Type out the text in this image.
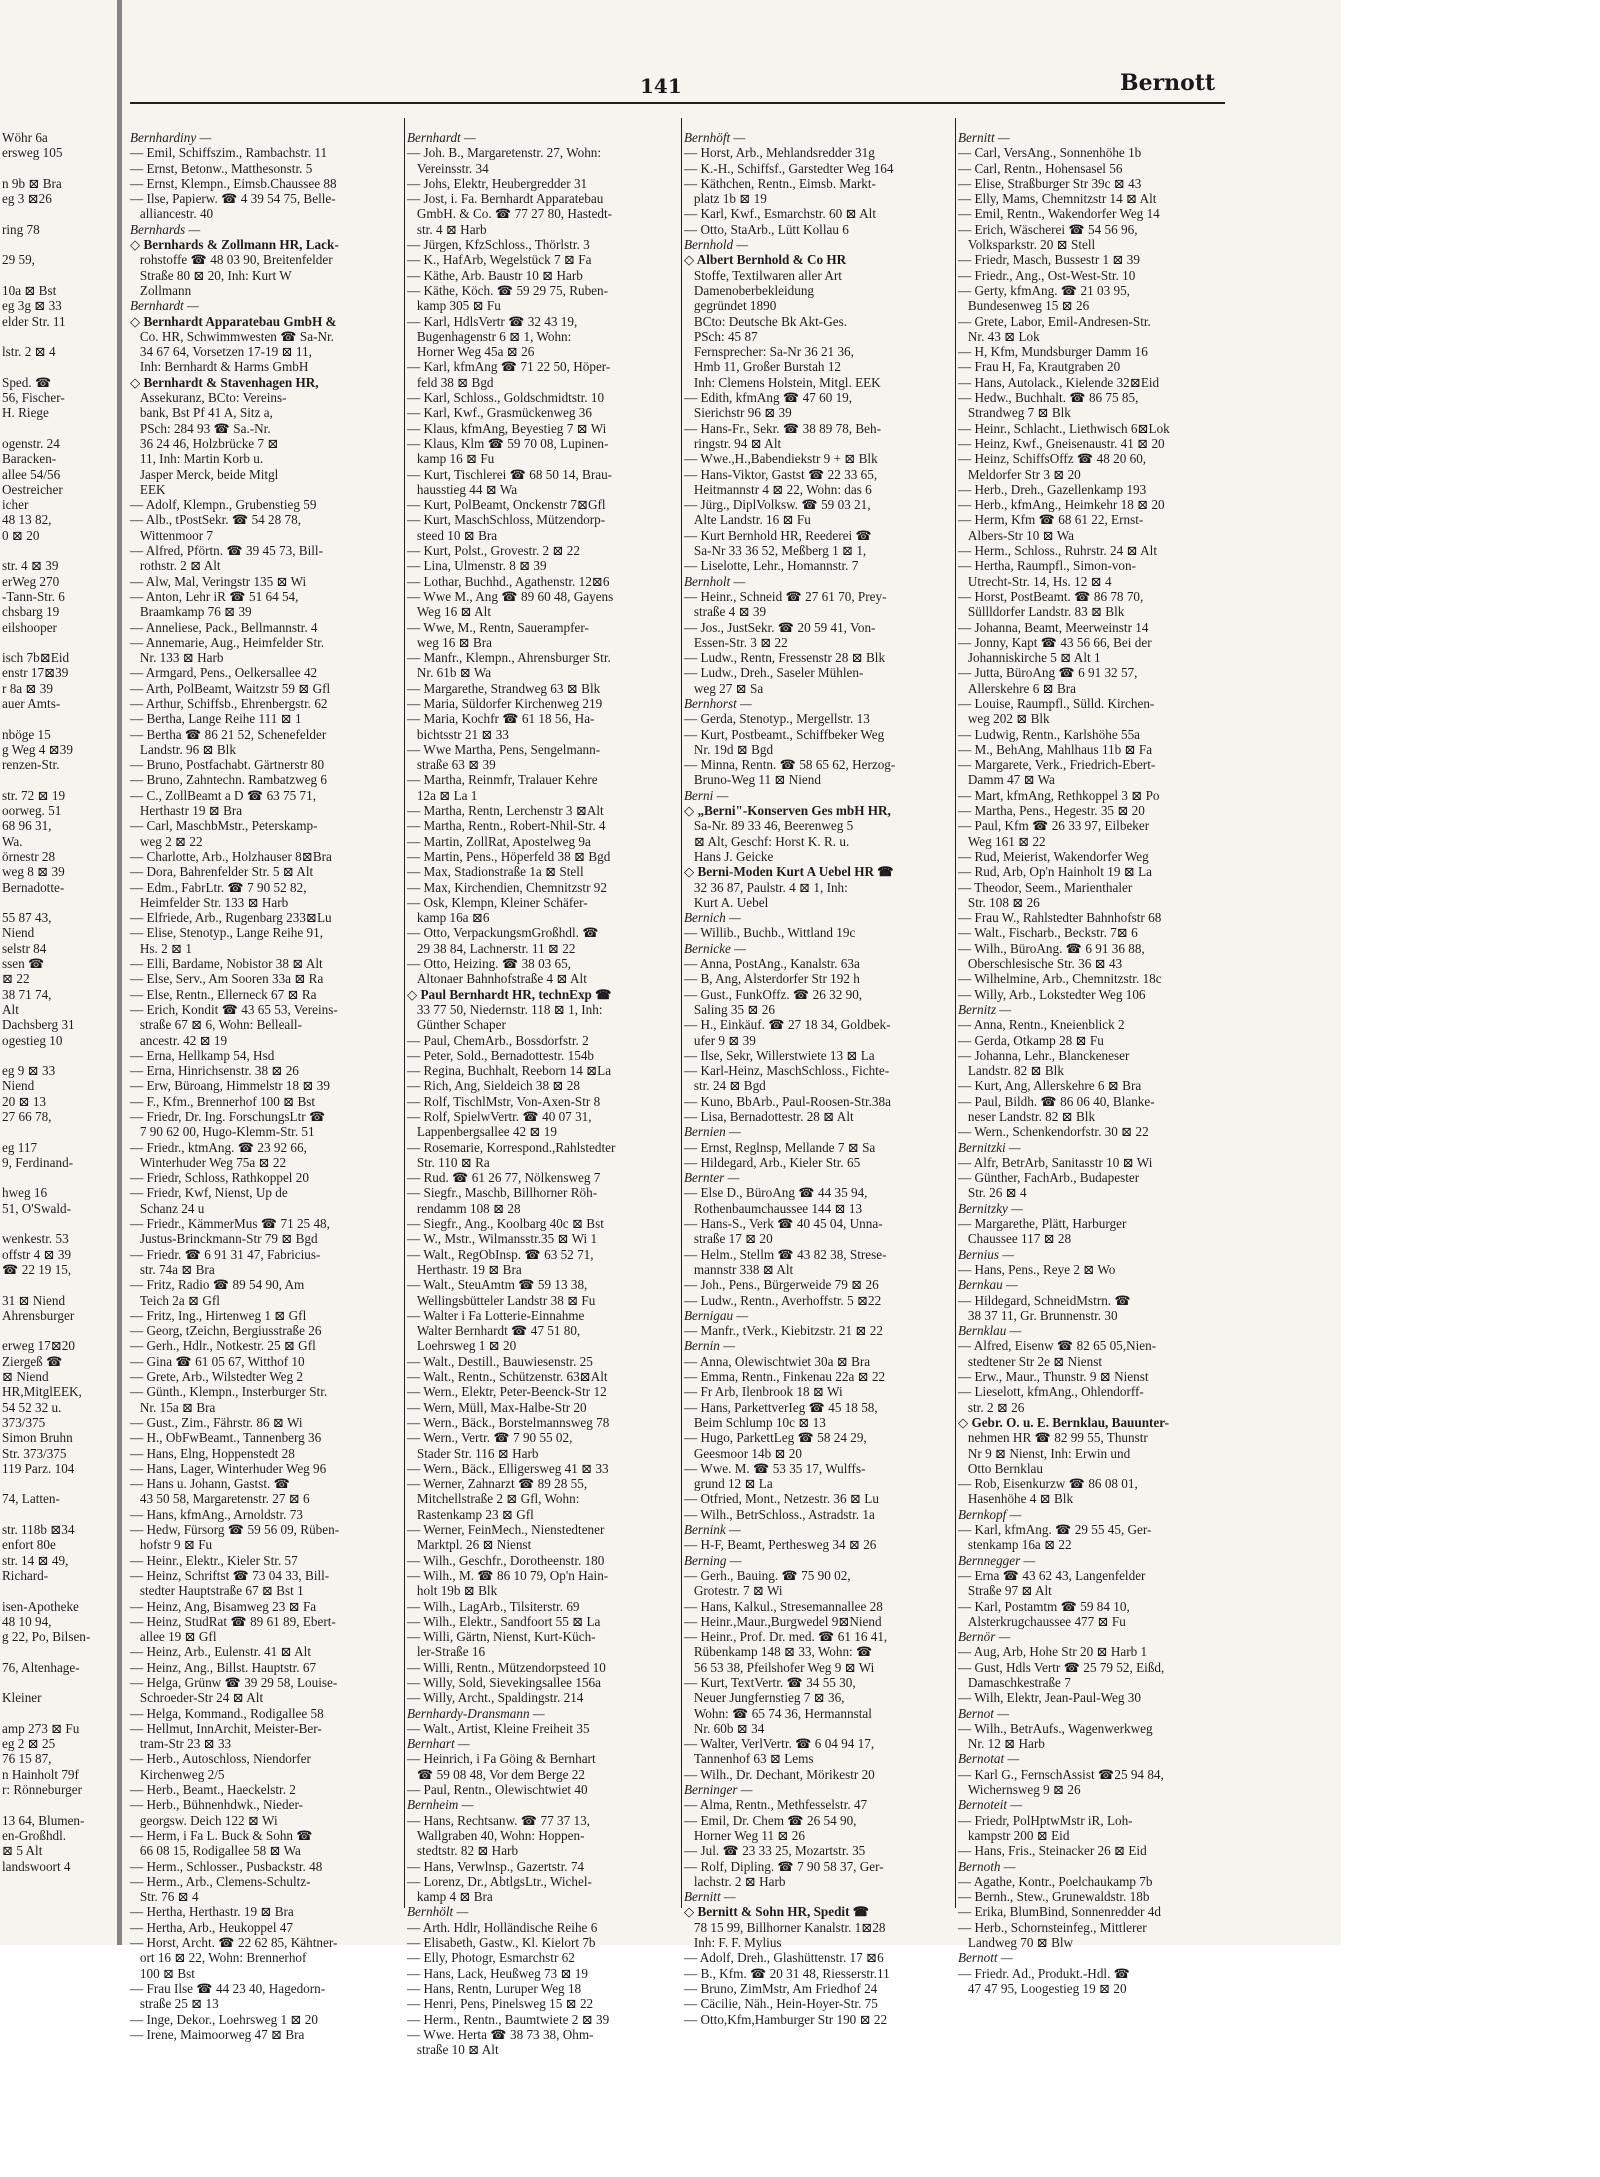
141	Bernott
Wöhr 6a
ersweg 105
n 9b ⊠ Bra
eg 3 ⊠26
ring 78
29 59,
10a ⊠ Bst
eg 3g ⊠ 33
elder Str. 11
lstr. 2 ⊠ 4
Sped. ☎
56, Fischer-
H. Riege
ogenstr. 24
Baracken-
allee 54/56
Oestreicher
icher
48 13 82,
0 ⊠ 20
str. 4 ⊠ 39
erWeg 270
-Tann-Str. 6
chsbarg 19
eilshooper
isch 7b⊠Eid
enstr 17⊠39
r 8a ⊠ 39
auer Amts-
nböge 15
g Weg 4 ⊠39
renzen-Str.
str. 72 ⊠ 19
oorweg. 51
68 96 31,
Wa.
örnestr 28
weg 8 ⊠ 39
Bernadotte-
55 87 43,
Niend
selstr 84
ssen ☎
⊠ 22
38 71 74,
Alt
Dachsberg 31
ogestieg 10
eg 9 ⊠ 33
Niend
20 ⊠ 13
27 66 78,
eg 117
9, Ferdinand-
hweg 16
51, O'Swald-
wenkestr. 53
offstr 4 ⊠ 39
☎ 22 19 15,
31 ⊠ Niend
Ahrensburger
erweg 17⊠20
Ziergeß ☎
⊠ Niend
HR,MitglEEK,
54 52 32 u.
373/375
Simon Bruhn
Str. 373/375
119 Parz. 104
74, Latten-
str. 118b ⊠34
enfort 80e
str. 14 ⊠ 49,
Richard-
isen-Apotheke
48 10 94,
g 22, Po, Bilsen-
76, Altenhage-
Kleiner
amp 273 ⊠ Fu
eg 2 ⊠ 25
76 15 87,
n Hainholt 79f
r: Rönneburger
13 64, Blumen-
en-Großhdl.
⊠ 5 Alt
landswoort 4
Bernhardiny —
— Emil, Schiffszim., Rambachstr. 11
— Ernst, Betonw., Matthesonstr. 5
— Ernst, Klempn., Eimsb.Chaussee 88
— Ilse, Papierw. ☎ 4 39 54 75, Belle-
alliancestr. 40
Bernhards —
◇ Bernhards & Zollmann HR, Lack-
rohstoffe ☎ 48 03 90, Breitenfelder
Straße 80 ⊠ 20, Inh: Kurt W
Zollmann
Bernhardt —
◇ Bernhardt Apparatebau GmbH &
Co. HR, Schwimmwesten ☎ Sa-Nr.
34 67 64, Vorsetzen 17-19 ⊠ 11,
Inh: Bernhardt & Harms GmbH
◇ Bernhardt & Stavenhagen HR,
Assekuranz, BCto: Vereins-
bank, Bst Pf 41 A, Sitz a,
PSch: 284 93 ☎ Sa.-Nr.
36 24 46, Holzbrücke 7 ⊠
11, Inh: Martin Korb u.
Jasper Merck, beide Mitgl
EEK
— Adolf, Klempn., Grubenstieg 59
— Alb., tPostSekr. ☎ 54 28 78,
Wittenmoor 7
— Alfred, Pförtn. ☎ 39 45 73, Bill-
rothstr. 2 ⊠ Alt
— Alw, Mal, Veringstr 135 ⊠ Wi
— Anton, Lehr iR ☎ 51 64 54,
Braamkamp 76 ⊠ 39
— Anneliese, Pack., Bellmannstr. 4
— Annemarie, Aug., Heimfelder Str.
Nr. 133 ⊠ Harb
— Armgard, Pens., Oelkersallee 42
— Arth, PolBeamt, Waitzstr 59 ⊠ Gfl
— Arthur, Schiffsb., Ehrenbergstr. 62
— Bertha, Lange Reihe 111 ⊠ 1
— Bertha ☎ 86 21 52, Schenefelder
Landstr. 96 ⊠ Blk
— Bruno, Postfachabt. Gärtnerstr 80
— Bruno, Zahntechn. Rambatzweg 6
— C., ZollBeamt a D ☎ 63 75 71,
Herthastr 19 ⊠ Bra
— Carl, MaschbMstr., Peterskamp-
weg 2 ⊠ 22
— Charlotte, Arb., Holzhauser 8⊠Bra
— Dora, Bahrenfelder Str. 5 ⊠ Alt
— Edm., FabrLtr. ☎ 7 90 52 82,
Heimfelder Str. 133 ⊠ Harb
— Elfriede, Arb., Rugenbarg 233⊠Lu
— Elise, Stenotyp., Lange Reihe 91,
Hs. 2 ⊠ 1
— Elli, Bardame, Nobistor 38 ⊠ Alt
— Else, Serv., Am Sooren 33a ⊠ Ra
— Else, Rentn., Ellerneck 67 ⊠ Ra
— Erich, Kondit ☎ 43 65 53, Vereins-
straße 67 ⊠ 6, Wohn: Belleall-
ancestr. 42 ⊠ 19
— Erna, Hellkamp 54, Hsd
— Erna, Hinrichsenstr. 38 ⊠ 26
— Erw, Büroang, Himmelstr 18 ⊠ 39
— F., Kfm., Brennerhof 100 ⊠ Bst
— Friedr, Dr. Ing. ForschungsLtr ☎
7 90 62 00, Hugo-Klemm-Str. 51
— Friedr., ktmAng. ☎ 23 92 66,
Winterhuder Weg 75a ⊠ 22
— Friedr, Schloss, Rathkoppel 20
— Friedr, Kwf, Nienst, Up de
Schanz 24 u
— Friedr., KämmerMus ☎ 71 25 48,
Justus-Brinckmann-Str 79 ⊠ Bgd
— Friedr. ☎ 6 91 31 47, Fabricius-
str. 74a ⊠ Bra
— Fritz, Radio ☎ 89 54 90, Am
Teich 2a ⊠ Gfl
— Fritz, Ing., Hirtenweg 1 ⊠ Gfl
— Georg, tZeichn, Bergiusstraße 26
— Gerh., Hdlr., Notkestr. 25 ⊠ Gfl
— Gina ☎ 61 05 67, Witthof 10
— Grete, Arb., Wilstedter Weg 2
— Günth., Klempn., Insterburger Str.
Nr. 15a ⊠ Bra
— Gust., Zim., Fährstr. 86 ⊠ Wi
— H., ObFwBeamt., Tannenberg 36
— Hans, Elng, Hoppenstedt 28
— Hans, Lager, Winterhuder Weg 96
— Hans u. Johann, Gastst. ☎
43 50 58, Margaretenstr. 27 ⊠ 6
— Hans, kfmAng., Arnoldstr. 73
— Hedw, Fürsorg ☎ 59 56 09, Rüben-
hofstr 9 ⊠ Fu
— Heinr., Elektr., Kieler Str. 57
— Heinz, Schriftst ☎ 73 04 33, Bill-
stedter Hauptstraße 67 ⊠ Bst 1
— Heinz, Ang, Bisamweg 23 ⊠ Fa
— Heinz, StudRat ☎ 89 61 89, Ebert-
allee 19 ⊠ Gfl
— Heinz, Arb., Eulenstr. 41 ⊠ Alt
— Heinz, Ang., Billst. Hauptstr. 67
— Helga, Grünw ☎ 39 29 58, Louise-
Schroeder-Str 24 ⊠ Alt
— Helga, Kommand., Rodigallee 58
— Hellmut, InnArchit, Meister-Ber-
tram-Str 23 ⊠ 33
— Herb., Autoschloss, Niendorfer
Kirchenweg 2/5
— Herb., Beamt., Haeckelstr. 2
— Herb., Bühnenhdwk., Nieder-
georgsw. Deich 122 ⊠ Wi
— Herm, i Fa L. Buck & Sohn ☎
66 08 15, Rodigallee 58 ⊠ Wa
— Herm., Schlosser., Pusbackstr. 48
— Herm., Arb., Clemens-Schultz-
Str. 76 ⊠ 4
— Hertha, Herthastr. 19 ⊠ Bra
— Hertha, Arb., Heukoppel 47
— Horst, Archt. ☎ 22 62 85, Kähtner-
ort 16 ⊠ 22, Wohn: Brennerhof
100 ⊠ Bst
— Frau Ilse ☎ 44 23 40, Hagedorn-
straße 25 ⊠ 13
— Inge, Dekor., Loehrsweg 1 ⊠ 20
— Irene, Maimoorweg 47 ⊠ Bra
Bernhardt —
— Joh. B., Margaretenstr. 27, Wohn:
Vereinsstr. 34
— Johs, Elektr, Heubergredder 31
— Jost, i. Fa. Bernhardt Apparatebau
GmbH. & Co. ☎ 77 27 80, Hastedt-
str. 4 ⊠ Harb
— Jürgen, KfzSchloss., Thörlstr. 3
— K., HafArb, Wegelstück 7 ⊠ Fa
— Käthe, Arb. Baustr 10 ⊠ Harb
— Käthe, Köch. ☎ 59 29 75, Ruben-
kamp 305 ⊠ Fu
— Karl, HdlsVertr ☎ 32 43 19,
Bugenhagenstr 6 ⊠ 1, Wohn:
Horner Weg 45a ⊠ 26
— Karl, kfmAng ☎ 71 22 50, Höper-
feld 38 ⊠ Bgd
— Karl, Schloss., Goldschmidtstr. 10
— Karl, Kwf., Grasmückenweg 36
— Klaus, kfmAng, Beyestieg 7 ⊠ Wi
— Klaus, Klm ☎ 59 70 08, Lupinen-
kamp 16 ⊠ Fu
— Kurt, Tischlerei ☎ 68 50 14, Brau-
hausstieg 44 ⊠ Wa
— Kurt, PolBeamt, Onckenstr 7⊠Gfl
— Kurt, MaschSchloss, Mützendorp-
steed 10 ⊠ Bra
— Kurt, Polst., Grovestr. 2 ⊠ 22
— Lina, Ulmenstr. 8 ⊠ 39
— Lothar, Buchhd., Agathenstr. 12⊠6
— Wwe M., Ang ☎ 89 60 48, Gayens
Weg 16 ⊠ Alt
— Wwe, M., Rentn, Sauerampfer-
weg 16 ⊠ Bra
— Manfr., Klempn., Ahrensburger Str.
Nr. 61b ⊠ Wa
— Margarethe, Strandweg 63 ⊠ Blk
— Maria, Süldorfer Kirchenweg 219
— Maria, Kochfr ☎ 61 18 56, Ha-
bichtsstr 21 ⊠ 33
— Wwe Martha, Pens, Sengelmann-
straße 63 ⊠ 39
— Martha, Reinmfr, Tralauer Kehre
12a ⊠ La 1
— Martha, Rentn, Lerchenstr 3 ⊠Alt
— Martha, Rentn., Robert-Nhil-Str. 4
— Martin, ZollRat, Apostelweg 9a
— Martin, Pens., Höperfeld 38 ⊠ Bgd
— Max, Stadionstraße 1a ⊠ Stell
— Max, Kirchendien, Chemnitzstr 92
— Osk, Klempn, Kleiner Schäfer-
kamp 16a ⊠6
— Otto, VerpackungsmGroßhdl. ☎
29 38 84, Lachnerstr. 11 ⊠ 22
— Otto, Heizing. ☎ 38 03 65,
Altonaer Bahnhofstraße 4 ⊠ Alt
◇ Paul Bernhardt HR, technExp ☎
33 77 50, Niedernstr. 118 ⊠ 1, Inh:
Günther Schaper
— Paul, ChemArb., Bossdorfstr. 2
— Peter, Sold., Bernadottestr. 154b
— Regina, Buchhalt, Reeborn 14 ⊠La
— Rich, Ang, Sieldeich 38 ⊠ 28
— Rolf, TischlMstr, Von-Axen-Str 8
— Rolf, SpielwVertr. ☎ 40 07 31,
Lappenbergsallee 42 ⊠ 19
— Rosemarie, Korrespond.,Rahlstedter
Str. 110 ⊠ Ra
— Rud. ☎ 61 26 77, Nölkensweg 7
— Siegfr., Maschb, Billhorner Röh-
rendamm 108 ⊠ 28
— Siegfr., Ang., Koolbarg 40c ⊠ Bst
— W., Mstr., Wilmansstr.35 ⊠ Wi 1
— Walt., RegObInsp. ☎ 63 52 71,
Herthastr. 19 ⊠ Bra
— Walt., SteuAmtm ☎ 59 13 38,
Wellingsbütteler Landstr 38 ⊠ Fu
— Walter i Fa Lotterie-Einnahme
Walter Bernhardt ☎ 47 51 80,
Loehrsweg 1 ⊠ 20
— Walt., Destill., Bauwiesenstr. 25
— Walt., Rentn., Schützenstr. 63⊠Alt
— Wern., Elektr, Peter-Beenck-Str 12
— Wern, Müll, Max-Halbe-Str 20
— Wern., Bäck., Borstelmannsweg 78
— Wern., Vertr. ☎ 7 90 55 02,
Stader Str. 116 ⊠ Harb
— Wern., Bäck., Elligersweg 41 ⊠ 33
— Werner, Zahnarzt ☎ 89 28 55,
Mitchellstraße 2 ⊠ Gfl, Wohn:
Rastenkamp 23 ⊠ Gfl
— Werner, FeinMech., Nienstedtener
Marktpl. 26 ⊠ Nienst
— Wilh., Geschfr., Dorotheenstr. 180
— Wilh., M. ☎ 86 10 79, Op'n Hain-
holt 19b ⊠ Blk
— Wilh., LagArb., Tilsiterstr. 69
— Wilh., Elektr., Sandfoort 55 ⊠ La
— Willi, Gärtn, Nienst, Kurt-Küch-
ler-Straße 16
— Willi, Rentn., Mützendorpsteed 10
— Willy, Sold, Sievekingsallee 156a
— Willy, Archt., Spaldingstr. 214
Bernhardy-Dransmann —
— Walt., Artist, Kleine Freiheit 35
Bernhart —
— Heinrich, i Fa Göing & Bernhart
☎ 59 08 48, Vor dem Berge 22
— Paul, Rentn., Olewischtwiet 40
Bernheim —
— Hans, Rechtsanw. ☎ 77 37 13,
Wallgraben 40, Wohn: Hoppen-
stedtstr. 82 ⊠ Harb
— Hans, Verwlnsp., Gazertstr. 74
— Lorenz, Dr., AbtlgsLtr., Wichel-
kamp 4 ⊠ Bra
Bernhölt —
— Arth. Hdlr, Holländische Reihe 6
— Elisabeth, Gastw., Kl. Kielort 7b
— Elly, Photogr, Esmarchstr 62
— Hans, Lack, Heußweg 73 ⊠ 19
— Hans, Rentn, Luruper Weg 18
— Henri, Pens, Pinelsweg 15 ⊠ 22
— Herm., Rentn., Baumtwiete 2 ⊠ 39
— Wwe. Herta ☎ 38 73 38, Ohm-
straße 10 ⊠ Alt
Bernhöft —
— Horst, Arb., Mehlandsredder 31g
— K.-H., Schiffsf., Garstedter Weg 164
— Käthchen, Rentn., Eimsb. Markt-
platz 1b ⊠ 19
— Karl, Kwf., Esmarchstr. 60 ⊠ Alt
— Otto, StaArb., Lütt Kollau 6
Bernhold —
◇ Albert Bernhold & Co HR
Stoffe, Textilwaren aller Art
Damenoberbekleidung
gegründet 1890
BCto: Deutsche Bk Akt-Ges.
PSch: 45 87
Fernsprecher: Sa-Nr 36 21 36,
Hmb 11, Großer Burstah 12
Inh: Clemens Holstein, Mitgl. EEK
— Edith, kfmAng ☎ 47 60 19,
Sierichstr 96 ⊠ 39
— Hans-Fr., Sekr. ☎ 38 89 78, Beh-
ringstr. 94 ⊠ Alt
— Wwe.,H.,Babendiekstr 9 + ⊠ Blk
— Hans-Viktor, Gastst ☎ 22 33 65,
Heitmannstr 4 ⊠ 22, Wohn: das 6
— Jürg., DiplVolksw. ☎ 59 03 21,
Alte Landstr. 16 ⊠ Fu
— Kurt Bernhold HR, Reederei ☎
Sa-Nr 33 36 52, Meßberg 1 ⊠ 1,
— Liselotte, Lehr., Homannstr. 7
Bernholt —
— Heinr., Schneid ☎ 27 61 70, Prey-
straße 4 ⊠ 39
— Jos., JustSekr. ☎ 20 59 41, Von-
Essen-Str. 3 ⊠ 22
— Ludw., Rentn, Fressenstr 28 ⊠ Blk
— Ludw., Dreh., Saseler Mühlen-
weg 27 ⊠ Sa
Bernhorst —
— Gerda, Stenotyp., Mergellstr. 13
— Kurt, Postbeamt., Schiffbeker Weg
Nr. 19d ⊠ Bgd
— Minna, Rentn. ☎ 58 65 62, Herzog-
Bruno-Weg 11 ⊠ Niend
Berni —
◇ „Berni"-Konserven Ges mbH HR,
Sa-Nr. 89 33 46, Beerenweg 5
⊠ Alt, Geschf: Horst K. R. u.
Hans J. Geicke
◇ Berni-Moden Kurt A Uebel HR ☎
32 36 87, Paulstr. 4 ⊠ 1, Inh:
Kurt A. Uebel
Bernich —
— Willib., Buchb., Wittland 19c
Bernicke —
— Anna, PostAng., Kanalstr. 63a
— B, Ang, Alsterdorfer Str 192 h
— Gust., FunkOffz. ☎ 26 32 90,
Saling 35 ⊠ 26
— H., Einkäuf. ☎ 27 18 34, Goldbek-
ufer 9 ⊠ 39
— Ilse, Sekr, Willerstwiete 13 ⊠ La
— Karl-Heinz, MaschSchloss., Fichte-
str. 24 ⊠ Bgd
— Kuno, BbArb., Paul-Roosen-Str.38a
— Lisa, Bernadottestr. 28 ⊠ Alt
Bernien —
— Ernst, Reglnsp, Mellande 7 ⊠ Sa
— Hildegard, Arb., Kieler Str. 65
Bernter —
— Else D., BüroAng ☎ 44 35 94,
Rothenbaumchaussee 144 ⊠ 13
— Hans-S., Verk ☎ 40 45 04, Unna-
straße 17 ⊠ 20
— Helm., Stellm ☎ 43 82 38, Strese-
mannstr 338 ⊠ Alt
— Joh., Pens., Bürgerweide 79 ⊠ 26
— Ludw., Rentn., Averhoffstr. 5 ⊠22
Bernigau —
— Manfr., tVerk., Kiebitzstr. 21 ⊠ 22
Bernin —
— Anna, Olewischtwiet 30a ⊠ Bra
— Emma, Rentn., Finkenau 22a ⊠ 22
— Fr Arb, Ilenbrook 18 ⊠ Wi
— Hans, ParkettverIeg ☎ 45 18 58,
Beim Schlump 10c ⊠ 13
— Hugo, ParkettLeg ☎ 58 24 29,
Geesmoor 14b ⊠ 20
— Wwe. M. ☎ 53 35 17, Wulffs-
grund 12 ⊠ La
— Otfried, Mont., Netzestr. 36 ⊠ Lu
— Wilh., BetrSchloss., Astradstr. 1a
Bernink —
— H-F, Beamt, Perthesweg 34 ⊠ 26
Berning —
— Gerh., Bauing. ☎ 75 90 02,
Grotestr. 7 ⊠ Wi
— Hans, Kalkul., Stresemannallee 28
— Heinr.,Maur.,Burgwedel 9⊠Niend
— Heinr., Prof. Dr. med. ☎ 61 16 41,
Rübenkamp 148 ⊠ 33, Wohn: ☎
56 53 38, Pfeilshofer Weg 9 ⊠ Wi
— Kurt, TextVertr. ☎ 34 55 30,
Neuer Jungfernstieg 7 ⊠ 36,
Wohn: ☎ 65 74 36, Hermannstal
Nr. 60b ⊠ 34
— Walter, VerlVertr. ☎ 6 04 94 17,
Tannenhof 63 ⊠ Lems
— Wilh., Dr. Dechant, Mörikestr 20
Berninger —
— Alma, Rentn., Methfesselstr. 47
— Emil, Dr. Chem ☎ 26 54 90,
Horner Weg 11 ⊠ 26
— Jul. ☎ 23 33 25, Mozartstr. 35
— Rolf, Dipling. ☎ 7 90 58 37, Ger-
lachstr. 2 ⊠ Harb
Bernitt —
◇ Bernitt & Sohn HR, Spedit ☎
78 15 99, Billhorner Kanalstr. 1⊠28
Inh: F. F. Mylius
— Adolf, Dreh., Glashüttenstr. 17 ⊠6
— B., Kfm. ☎ 20 31 48, Riesserstr.11
— Bruno, ZimMstr, Am Friedhof 24
— Cäcilie, Näh., Hein-Hoyer-Str. 75
— Otto,Kfm,Hamburger Str 190 ⊠ 22
Bernitt —
— Carl, VersAng., Sonnenhöhe 1b
— Carl, Rentn., Hohensasel 56
— Elise, Straßburger Str 39c ⊠ 43
— Elly, Mams, Chemnitzstr 14 ⊠ Alt
— Emil, Rentn., Wakendorfer Weg 14
— Erich, Wäscherei ☎ 54 56 96,
Volksparkstr. 20 ⊠ Stell
— Friedr, Masch, Bussestr 1 ⊠ 39
— Friedr., Ang., Ost-West-Str. 10
— Gerty, kfmAng. ☎ 21 03 95,
Bundesenweg 15 ⊠ 26
— Grete, Labor, Emil-Andresen-Str.
Nr. 43 ⊠ Lok
— H, Kfm, Mundsburger Damm 16
— Frau H, Fa, Krautgraben 20
— Hans, Autolack., Kielende 32⊠Eid
— Hedw., Buchhalt. ☎ 86 75 85,
Strandweg 7 ⊠ Blk
— Heinr., Schlacht., Liethwisch 6⊠Lok
— Heinz, Kwf., Gneisenaustr. 41 ⊠ 20
— Heinz, SchiffsOffz ☎ 48 20 60,
Meldorfer Str 3 ⊠ 20
— Herb., Dreh., Gazellenkamp 193
— Herb., kfmAng., Heimkehr 18 ⊠ 20
— Herm, Kfm ☎ 68 61 22, Ernst-
Albers-Str 10 ⊠ Wa
— Herm., Schloss., Ruhrstr. 24 ⊠ Alt
— Hertha, Raumpfl., Simon-von-
Utrecht-Str. 14, Hs. 12 ⊠ 4
— Horst, PostBeamt. ☎ 86 78 70,
Süllldorfer Landstr. 83 ⊠ Blk
— Johanna, Beamt, Meerweinstr 14
— Jonny, Kapt ☎ 43 56 66, Bei der
Johanniskirche 5 ⊠ Alt 1
— Jutta, BüroAng ☎ 6 91 32 57,
Allerskehre 6 ⊠ Bra
— Louise, Raumpfl., Sülld. Kirchen-
weg 202 ⊠ Blk
— Ludwig, Rentn., Karlshöhe 55a
— M., BehAng, Mahlhaus 11b ⊠ Fa
— Margarete, Verk., Friedrich-Ebert-
Damm 47 ⊠ Wa
— Mart, kfmAng, Rethkoppel 3 ⊠ Po
— Martha, Pens., Hegestr. 35 ⊠ 20
— Paul, Kfm ☎ 26 33 97, Eilbeker
Weg 161 ⊠ 22
— Rud, Meierist, Wakendorfer Weg
— Rud, Arb, Op'n Hainholt 19 ⊠ La
— Theodor, Seem., Marienthaler
Str. 108 ⊠ 26
— Frau W., Rahlstedter Bahnhofstr 68
— Walt., Fischarb., Beckstr. 7⊠ 6
— Wilh., BüroAng. ☎ 6 91 36 88,
Oberschlesische Str. 36 ⊠ 43
— Wilhelmine, Arb., Chemnitzstr. 18c
— Willy, Arb., Lokstedter Weg 106
Bernitz —
— Anna, Rentn., Kneienblick 2
— Gerda, Otkamp 28 ⊠ Fu
— Johanna, Lehr., Blanckeneser
Landstr. 82 ⊠ Blk
— Kurt, Ang, Allerskehre 6 ⊠ Bra
— Paul, Bildh. ☎ 86 06 40, Blanke-
neser Landstr. 82 ⊠ Blk
— Wern., Schenkendorfstr. 30 ⊠ 22
Bernitzki —
— Alfr, BetrArb, Sanitasstr 10 ⊠ Wi
— Günther, FachArb., Budapester
Str. 26 ⊠ 4
Bernitzky —
— Margarethe, Plätt, Harburger
Chaussee 117 ⊠ 28
Bernius —
— Hans, Pens., Reye 2 ⊠ Wo
Bernkau —
— Hildegard, SchneidMstrn. ☎
38 37 11, Gr. Brunnenstr. 30
Bernklau —
— Alfred, Eisenw ☎ 82 65 05,Nien-
stedtener Str 2e ⊠ Nienst
— Erw., Maur., Thunstr. 9 ⊠ Nienst
— Lieselott, kfmAng., Ohlendorff-
str. 2 ⊠ 26
◇ Gebr. O. u. E. Bernklau, Bauunter-
nehmen HR ☎ 82 99 55, Thunstr
Nr 9 ⊠ Nienst, Inh: Erwin und
Otto Bernklau
— Rob, Eisenkurzw ☎ 86 08 01,
Hasenhöhe 4 ⊠ Blk
Bernkopf —
— Karl, kfmAng. ☎ 29 55 45, Ger-
stenkamp 16a ⊠ 22
Bernnegger —
— Erna ☎ 43 62 43, Langenfelder
Straße 97 ⊠ Alt
— Karl, Postamtm ☎ 59 84 10,
Alsterkrugchaussee 477 ⊠ Fu
Bernör —
— Aug, Arb, Hohe Str 20 ⊠ Harb 1
— Gust, Hdls Vertr ☎ 25 79 52, Eißd,
Damaschkestraße 7
— Wilh, Elektr, Jean-Paul-Weg 30
Bernot —
— Wilh., BetrAufs., Wagenwerkweg
Nr. 12 ⊠ Harb
Bernotat —
— Karl G., FernschAssist ☎25 94 84,
Wichernsweg 9 ⊠ 26
Bernoteit —
— Friedr, PolHptwMstr iR, Loh-
kampstr 200 ⊠ Eid
— Hans, Fris., Steinacker 26 ⊠ Eid
Bernoth —
— Agathe, Kontr., Poelchaukamp 7b
— Bernh., Stew., Grunewaldstr. 18b
— Erika, BlumBind, Sonnenredder 4d
— Herb., Schornsteinfeg., Mittlerer
Landweg 70 ⊠ Blw
Bernott —
— Friedr. Ad., Produkt.-Hdl. ☎
47 47 95, Loogestieg 19 ⊠ 20
